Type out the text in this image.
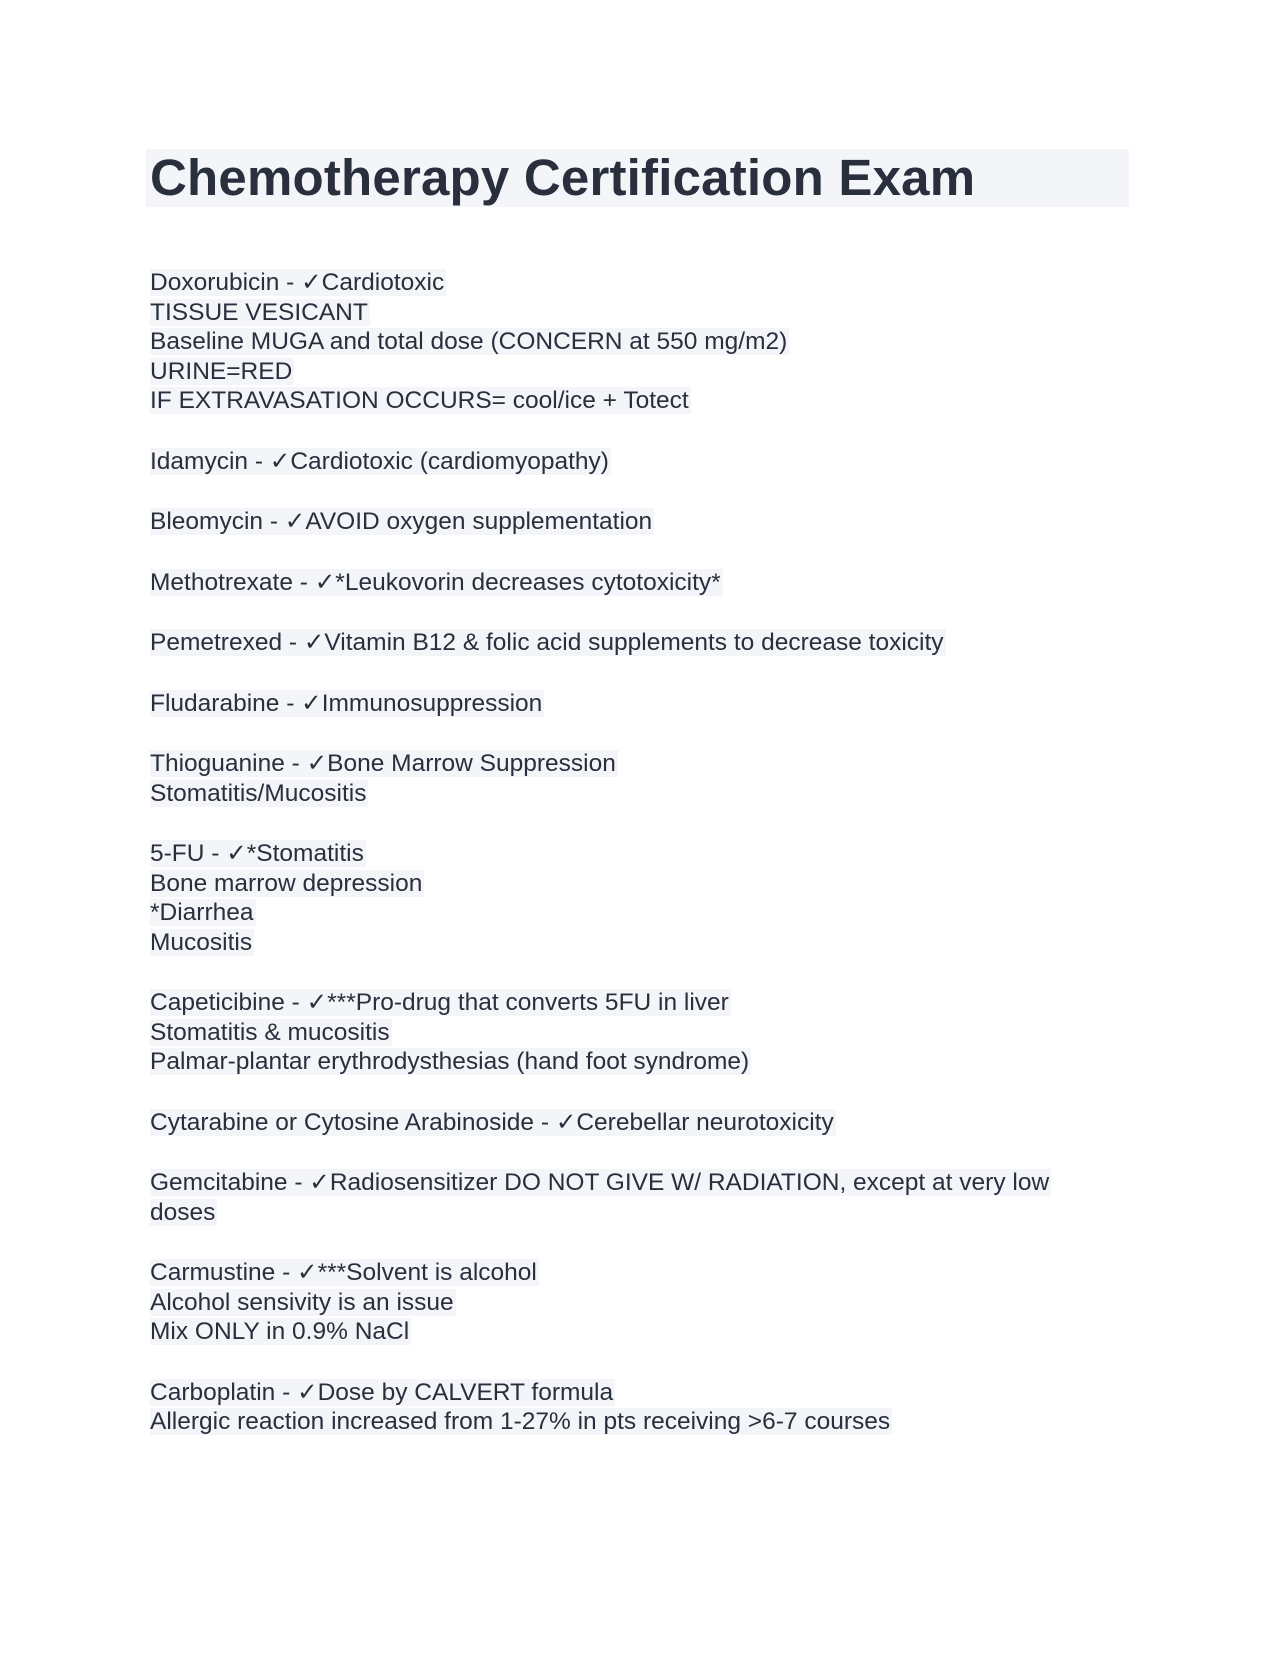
Chemotherapy Certification Exam
Doxorubicin - ✓Cardiotoxic
TISSUE VESICANT
Baseline MUGA and total dose (CONCERN at 550 mg/m2)
URINE=RED
IF EXTRAVASATION OCCURS= cool/ice + Totect
Idamycin - ✓Cardiotoxic (cardiomyopathy)
Bleomycin - ✓AVOID oxygen supplementation
Methotrexate - ✓*Leukovorin decreases cytotoxicity*
Pemetrexed - ✓Vitamin B12 & folic acid supplements to decrease toxicity
Fludarabine - ✓Immunosuppression
Thioguanine - ✓Bone Marrow Suppression
Stomatitis/Mucositis
5-FU - ✓*Stomatitis
Bone marrow depression
*Diarrhea
Mucositis
Capeticibine - ✓***Pro-drug that converts 5FU in liver
Stomatitis & mucositis
Palmar-plantar erythrodysthesias (hand foot syndrome)
Cytarabine or Cytosine Arabinoside - ✓Cerebellar neurotoxicity
Gemcitabine - ✓Radiosensitizer DO NOT GIVE W/ RADIATION, except at very low doses
Carmustine - ✓***Solvent is alcohol
Alcohol sensivity is an issue
Mix ONLY in 0.9% NaCl
Carboplatin - ✓Dose by CALVERT formula
Allergic reaction increased from 1-27% in pts receiving >6-7 courses
